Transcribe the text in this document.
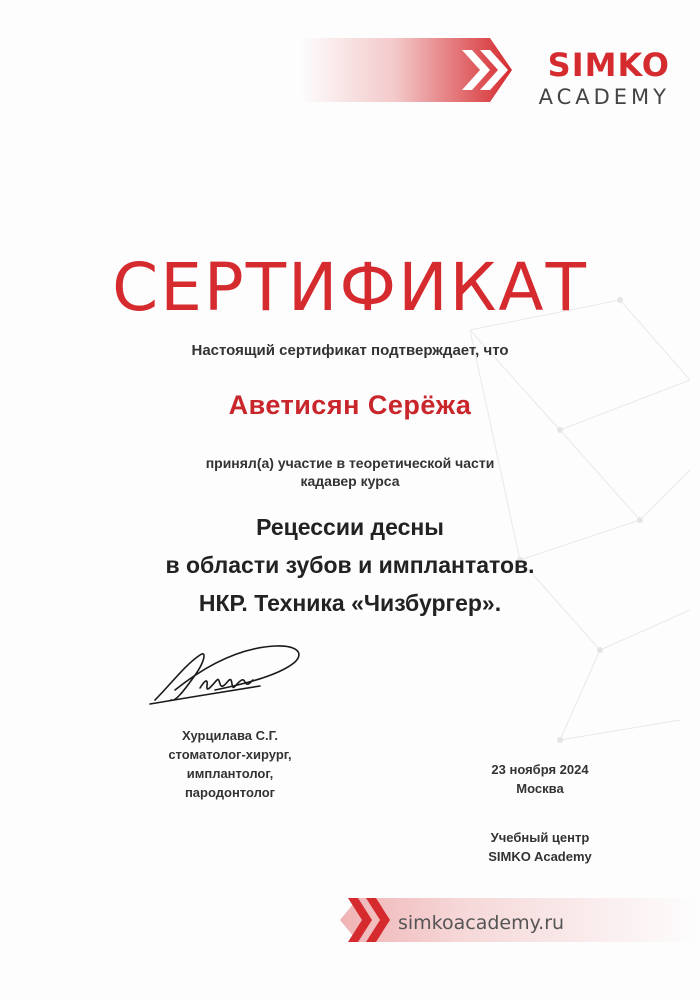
SIMKO
ACADEMY
СЕРТИФИКАТ
Настоящий сертификат подтверждает, что
Аветисян Серёжа
принял(а) участие в теоретической части
кадавер курса
Рецессии десны
в области зубов и имплантатов.
НКР. Техника «Чизбургер».
Хурцилава С.Г.
стоматолог-хирург,
имплантолог,
пародонтолог
23 ноября 2024
Москва
Учебный центр
SIMKO Academy
simkoacademy.ru
